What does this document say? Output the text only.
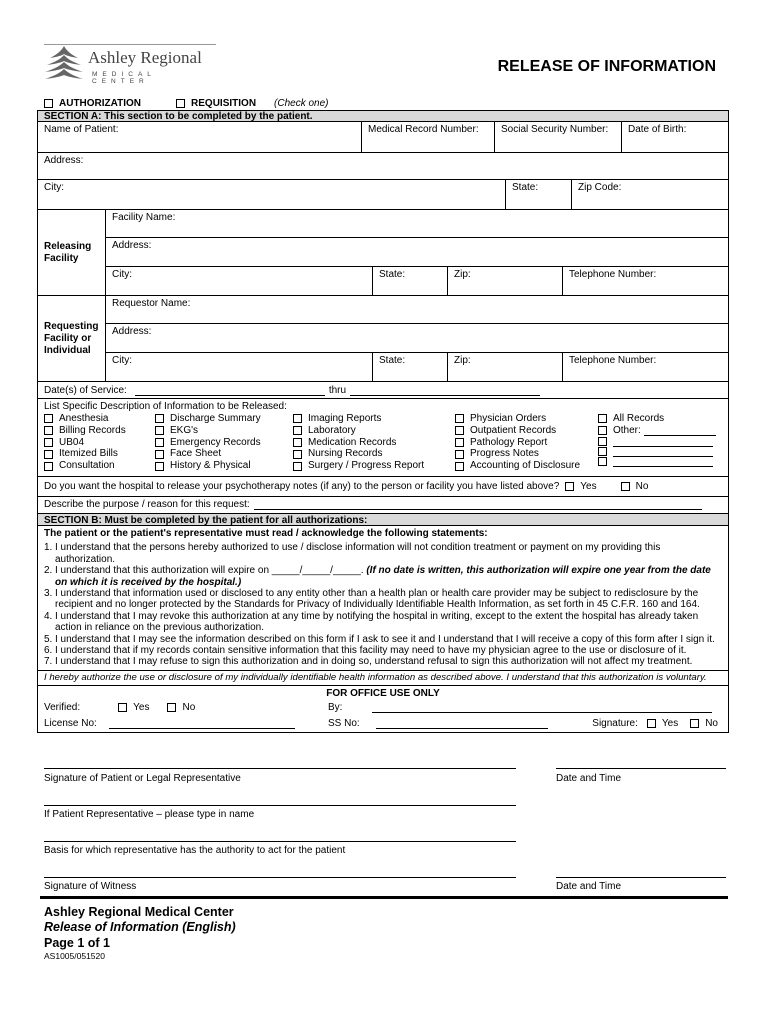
Ashley Regional
MEDICAL CENTER
RELEASE OF INFORMATION
AUTHORIZATION	REQUISITION (Check one)
SECTION A: This section to be completed by the patient.
Name of Patient:	Medical Record Number:	Social Security Number:	Date of Birth:
Address:
City:	State:	Zip Code:
Releasing
Facility
Facility Name:
Address:
City:	State:	Zip:	Telephone Number:
Requesting
Facility or
Individual
Requestor Name:
Address:
City:	State:	Zip:	Telephone Number:
Date(s) of Service:	thru
List Specific Description of Information to be Released:
Anesthesia
Billing Records
UB04
Itemized Bills
Consultation
Discharge Summary
EKG's
Emergency Records
Face Sheet
History & Physical
Imaging Reports
Laboratory
Medication Records
Nursing Records
Surgery / Progress Report
Physician Orders
Outpatient Records
Pathology Report
Progress Notes
Accounting of Disclosure
All Records
Other:
Do you want the hospital to release your psychotherapy notes (if any) to the person or facility you have listed above? Yes	No
Describe the purpose / reason for this request:
SECTION B: Must be completed by the patient for all authorizations:
The patient or the patient's representative must read / acknowledge the following statements:
1. I understand that the persons hereby authorized to use / disclose information will not condition treatment or payment on my providing this authorization.
2. I understand that this authorization will expire on _____/_____/_____. (If no date is written, this authorization will expire one year from the date
on which it is received by the hospital.)
3. I understand that information used or disclosed to any entity other than a health plan or health care provider may be subject to redisclosure by the
recipient and no longer protected by the Standards for Privacy of Individually Identifiable Health Information, as set forth in 45 C.F.R. 160 and 164.
4. I understand that I may revoke this authorization at any time by notifying the hospital in writing, except to the extent the hospital has already taken
action in reliance on the previous authorization.
5. I understand that I may see the information described on this form if I ask to see it and I understand that I will receive a copy of this form after I sign it.
6. I understand that if my records contain sensitive information that this facility may need to have my physician agree to the use or disclosure of it.
7. I understand that I may refuse to sign this authorization and in doing so, understand refusal to sign this authorization will not affect my treatment.
I hereby authorize the use or disclosure of my individually identifiable health information as described above. I understand that this authorization is voluntary.
FOR OFFICE USE ONLY
Verified:	Yes	No	By:
License No:	SS No:	Signature: Yes	No
Signature of Patient or Legal Representative	Date and Time
If Patient Representative – please type in name
Basis for which representative has the authority to act for the patient
Signature of Witness	Date and Time
Ashley Regional Medical Center
Release of Information (English)
Page 1 of 1
AS1005/051520
